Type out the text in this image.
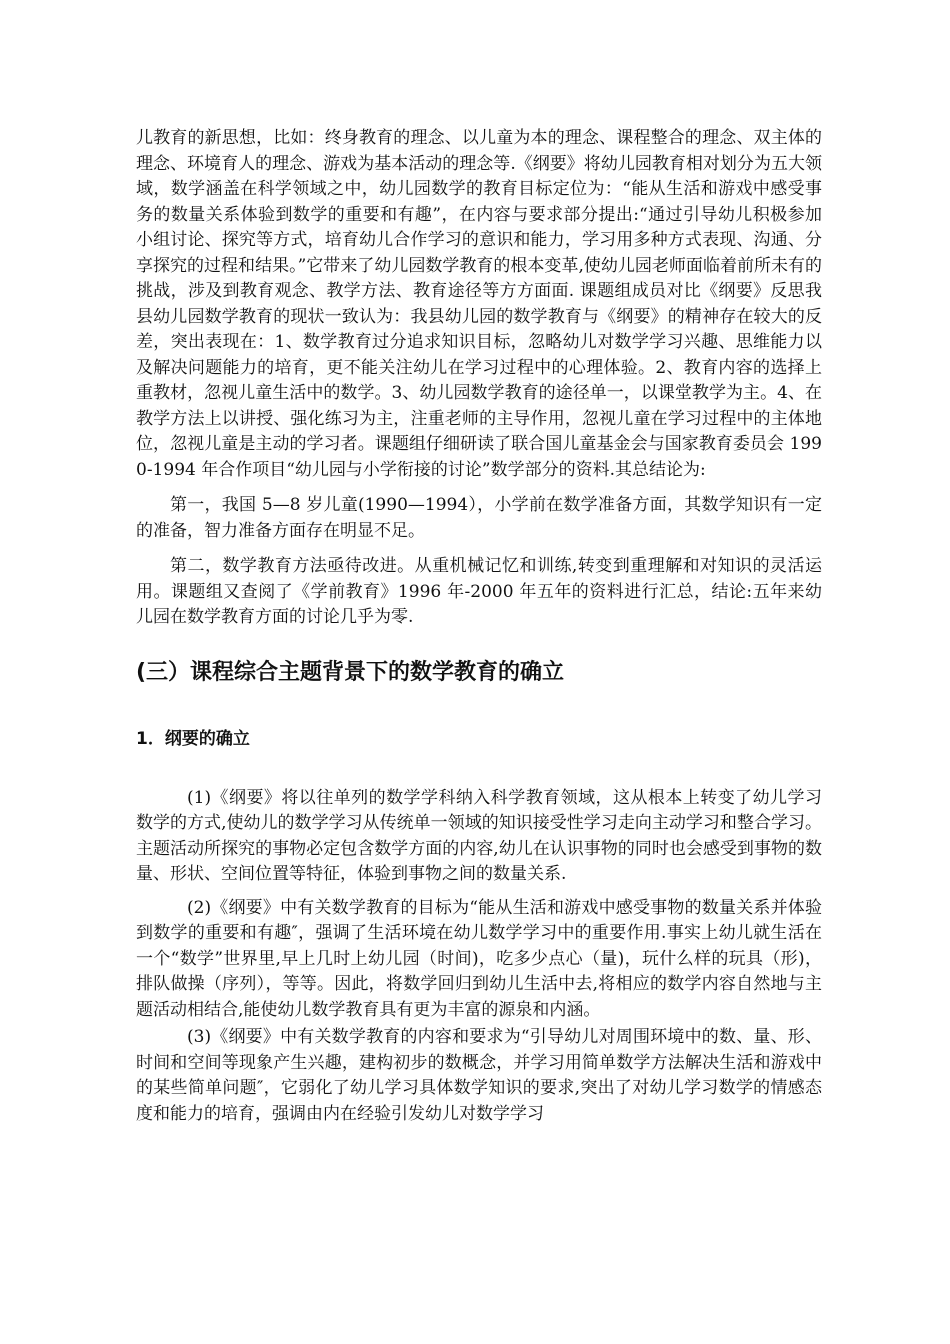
儿教育的新思想，比如：终身教育的理念、以儿童为本的理念、课程整合的理念、双主体的理念、环境育人的理念、游戏为基本活动的理念等.《纲要》将幼儿园教育相对划分为五大领域，数学涵盖在科学领域之中，幼儿园数学的教育目标定位为：“能从生活和游戏中感受事务的数量关系体验到数学的重要和有趣”，在内容与要求部分提出:“通过引导幼儿积极参加小组讨论、探究等方式，培育幼儿合作学习的意识和能力，学习用多种方式表现、沟通、分享探究的过程和结果。”它带来了幼儿园数学教育的根本变革,使幼儿园老师面临着前所未有的挑战，涉及到教育观念、教学方法、教育途径等方方面面. 课题组成员对比《纲要》反思我县幼儿园数学教育的现状一致认为：我县幼儿园的数学教育与《纲要》的精神存在较大的反差，突出表现在：1、数学教育过分追求知识目标，忽略幼儿对数学学习兴趣、思维能力以及解决问题能力的培育，更不能关注幼儿在学习过程中的心理体验。2、教育内容的选择上重教材，忽视儿童生活中的数学。3、幼儿园数学教育的途径单一，以课堂教学为主。4、在教学方法上以讲授、强化练习为主，注重老师的主导作用，忽视儿童在学习过程中的主体地位，忽视儿童是主动的学习者。课题组仔细研读了联合国儿童基金会与国家教育委员会 1990-1994 年合作项目“幼儿园与小学衔接的讨论”数学部分的资料.其总结论为:

第一，我国 5—8 岁儿童(1990—1994），小学前在数学准备方面，其数学知识有一定的准备，智力准备方面存在明显不足。

第二，数学教育方法亟待改进。从重机械记忆和训练,转变到重理解和对知识的灵活运用。课题组又查阅了《学前教育》1996 年-2000 年五年的资料进行汇总，结论:五年来幼儿园在数学教育方面的讨论几乎为零.

(三）课程综合主题背景下的数学教育的确立
1．纲要的确立

(1)《纲要》将以往单列的数学学科纳入科学教育领域，这从根本上转变了幼儿学习数学的方式,使幼儿的数学学习从传统单一领域的知识接受性学习走向主动学习和整合学习。主题活动所探究的事物必定包含数学方面的内容,幼儿在认识事物的同时也会感受到事物的数量、形状、空间位置等特征，体验到事物之间的数量关系.

(2)《纲要》中有关数学教育的目标为“能从生活和游戏中感受事物的数量关系并体验到数学的重要和有趣″，强调了生活环境在幼儿数学学习中的重要作用.事实上幼儿就生活在一个“数学”世界里,早上几时上幼儿园（时间)，吃多少点心（量)，玩什么样的玩具（形)，排队做操（序列），等等。因此，将数学回归到幼儿生活中去,将相应的数学内容自然地与主题活动相结合,能使幼儿数学教育具有更为丰富的源泉和内涵。

(3)《纲要》中有关数学教育的内容和要求为“引导幼儿对周围环境中的数、量、形、时间和空间等现象产生兴趣，建构初步的数概念，并学习用简单数学方法解决生活和游戏中的某些简单问题″，它弱化了幼儿学习具体数学知识的要求,突出了对幼儿学习数学的情感态度和能力的培育，强调由内在经验引发幼儿对数学学习
